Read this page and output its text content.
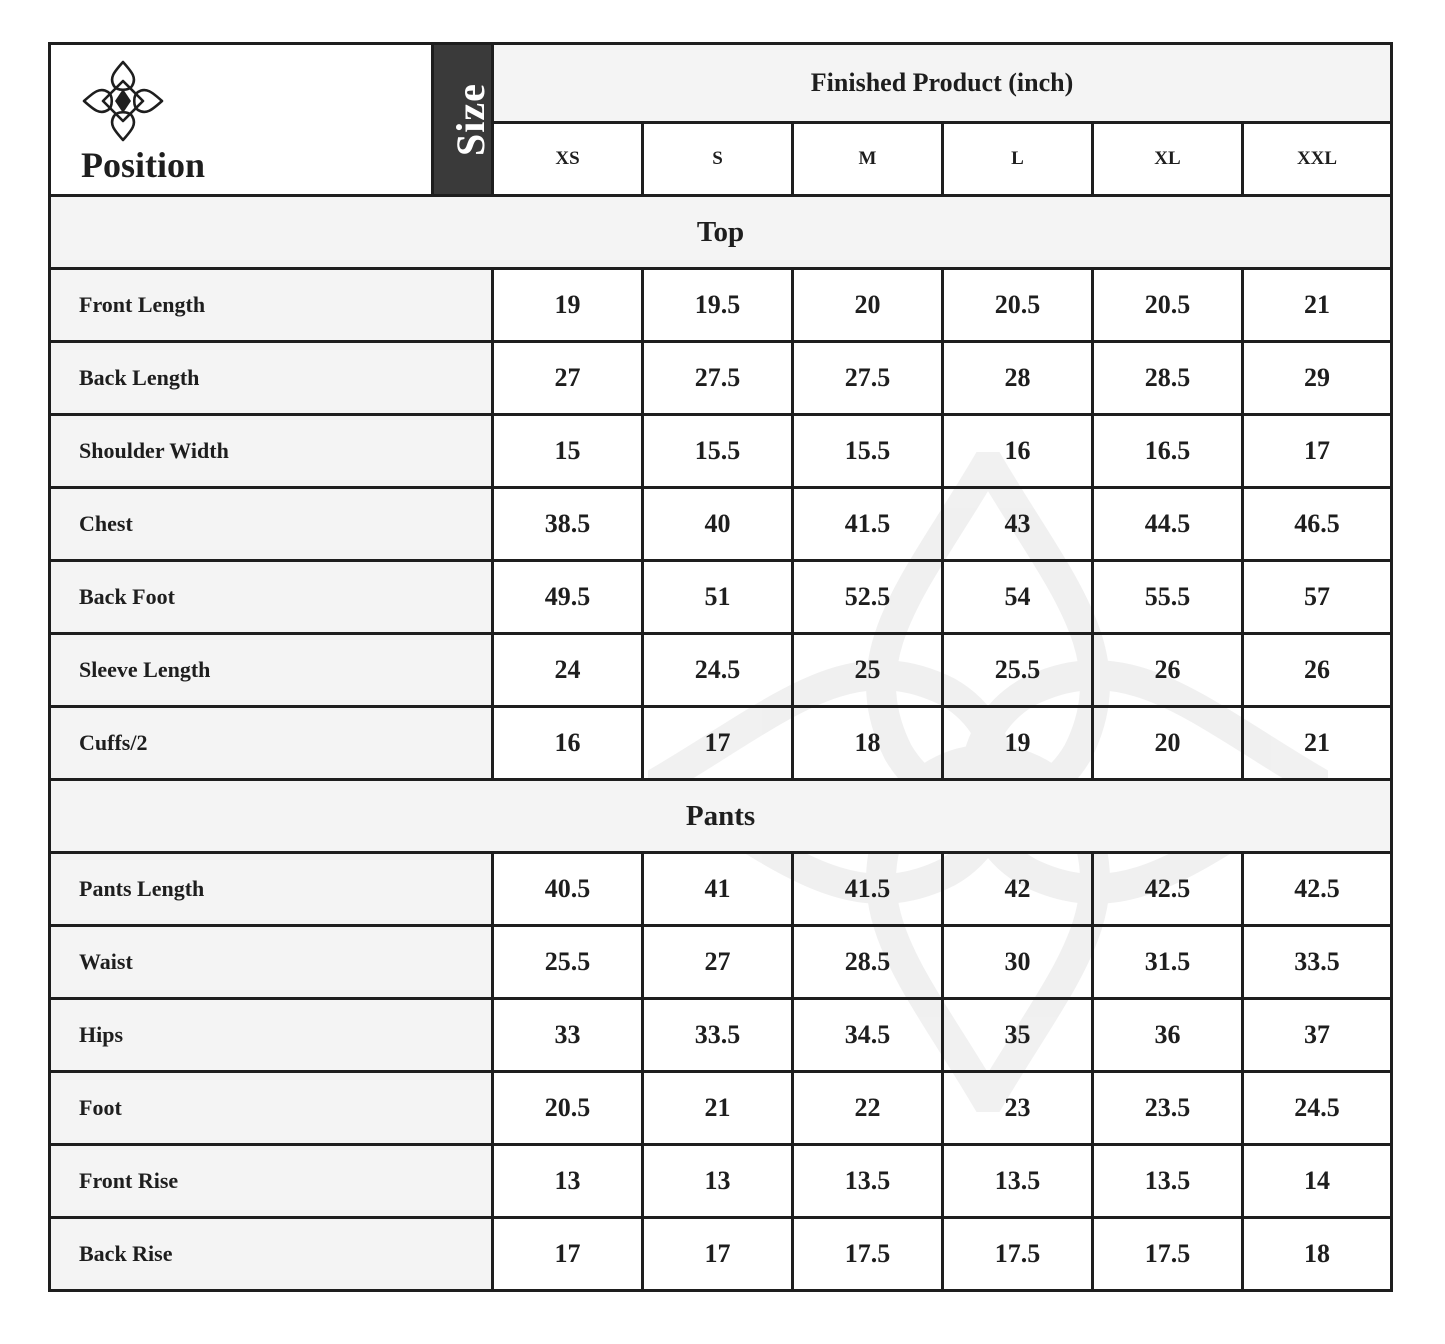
Position	Size	Finished Product (inch)					
		XS	S	M	L	XL	XXL
Top							
Front Length		19	19.5	20	20.5	20.5	21
Back Length		27	27.5	27.5	28	28.5	29
Shoulder Width		15	15.5	15.5	16	16.5	17
Chest		38.5	40	41.5	43	44.5	46.5
Back Foot		49.5	51	52.5	54	55.5	57
Sleeve Length		24	24.5	25	25.5	26	26
Cuffs/2		16	17	18	19	20	21
Pants							
Pants Length		40.5	41	41.5	42	42.5	42.5
Waist		25.5	27	28.5	30	31.5	33.5
Hips		33	33.5	34.5	35	36	37
Foot		20.5	21	22	23	23.5	24.5
Front Rise		13	13	13.5	13.5	13.5	14
Back Rise		17	17	17.5	17.5	17.5	18
